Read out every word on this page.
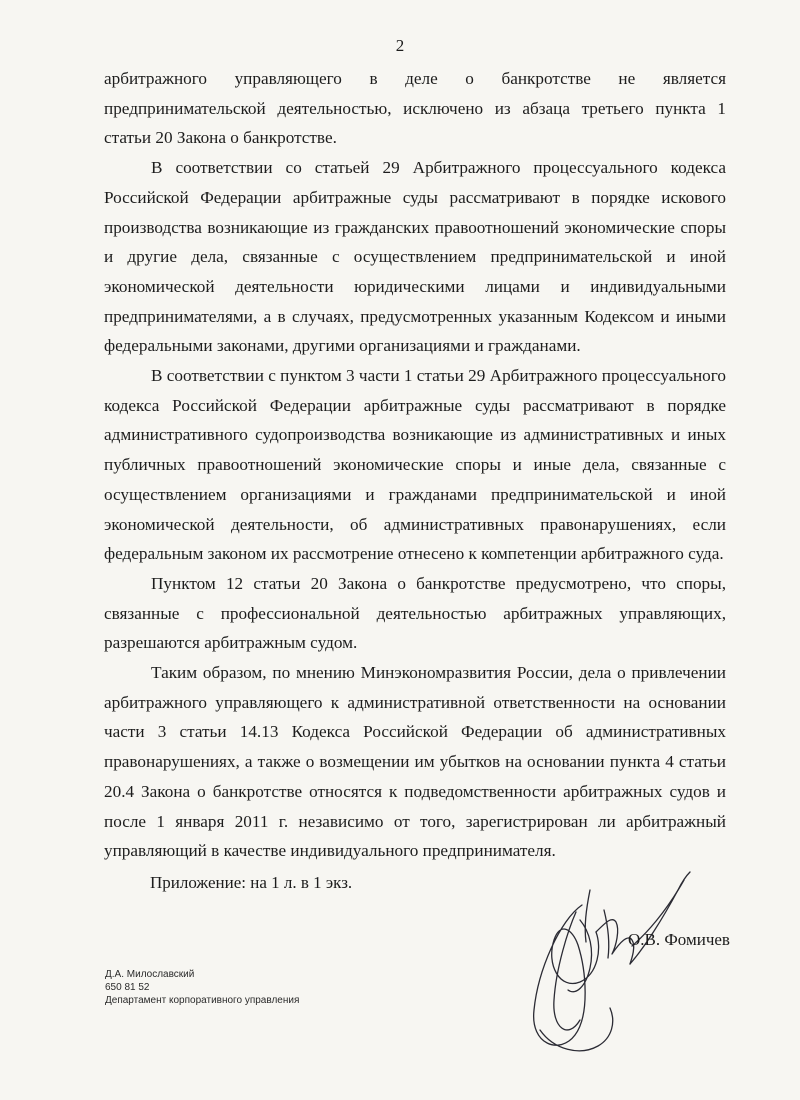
2

арбитражного управляющего в деле о банкротстве не является предпринимательской деятельностью, исключено из абзаца третьего пункта 1 статьи 20 Закона о банкротстве.

В соответствии со статьей 29 Арбитражного процессуального кодекса Российской Федерации арбитражные суды рассматривают в порядке искового производства возникающие из гражданских правоотношений экономические споры и другие дела, связанные с осуществлением предпринимательской и иной экономической деятельности юридическими лицами и индивидуальными предпринимателями, а в случаях, предусмотренных указанным Кодексом и иными федеральными законами, другими организациями и гражданами.

В соответствии с пунктом 3 части 1 статьи 29 Арбитражного процессуального кодекса Российской Федерации арбитражные суды рассматривают в порядке административного судопроизводства возникающие из административных и иных публичных правоотношений экономические споры и иные дела, связанные с осуществлением организациями и гражданами предпринимательской и иной экономической деятельности, об административных правонарушениях, если федеральным законом их рассмотрение отнесено к компетенции арбитражного суда.

Пунктом 12 статьи 20 Закона о банкротстве предусмотрено, что споры, связанные с профессиональной деятельностью арбитражных управляющих, разрешаются арбитражным судом.

Таким образом, по мнению Минэкономразвития России, дела о привлечении арбитражного управляющего к административной ответственности на основании части 3 статьи 14.13 Кодекса Российской Федерации об административных правонарушениях, а также о возмещении им убытков на основании пункта 4 статьи 20.4 Закона о банкротстве относятся к подведомственности арбитражных судов и после 1 января 2011 г. независимо от того, зарегистрирован ли арбитражный управляющий в качестве индивидуального предпринимателя.

Приложение: на 1 л. в 1 экз.
О.В. Фомичев
Д.А. Милославский
650 81 52
Департамент корпоративного управления
